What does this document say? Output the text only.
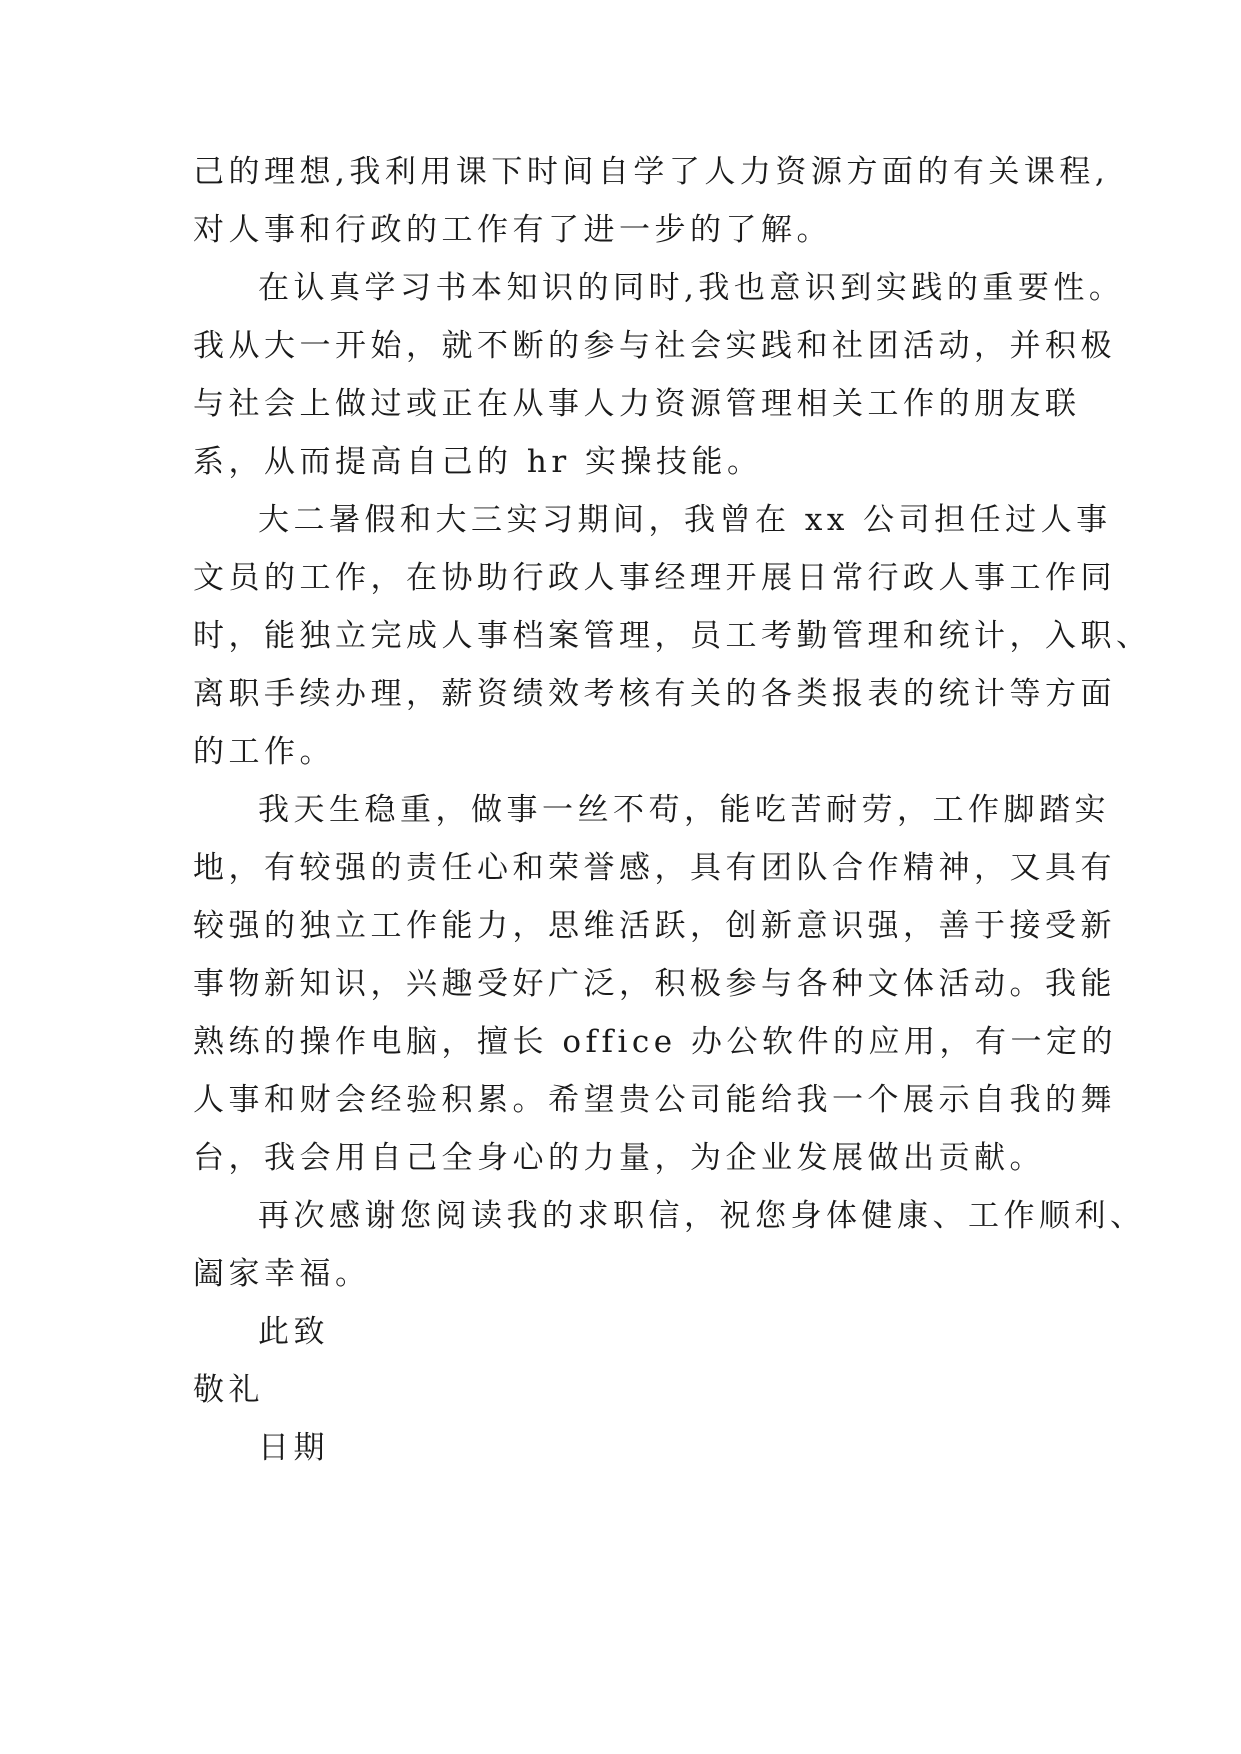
己的理想,我利用课下时间自学了人力资源方面的有关课程,
对人事和行政的工作有了进一步的了解。
在认真学习书本知识的同时,我也意识到实践的重要性。
我从大一开始，就不断的参与社会实践和社团活动，并积极
与社会上做过或正在从事人力资源管理相关工作的朋友联
系，从而提高自己的 hr 实操技能。
大二暑假和大三实习期间，我曾在 xx 公司担任过人事
文员的工作，在协助行政人事经理开展日常行政人事工作同
时，能独立完成人事档案管理，员工考勤管理和统计，入职、
离职手续办理，薪资绩效考核有关的各类报表的统计等方面
的工作。
我天生稳重，做事一丝不苟，能吃苦耐劳，工作脚踏实
地，有较强的责任心和荣誉感，具有团队合作精神，又具有
较强的独立工作能力，思维活跃，创新意识强，善于接受新
事物新知识，兴趣受好广泛，积极参与各种文体活动。我能
熟练的操作电脑，擅长 office 办公软件的应用，有一定的
人事和财会经验积累。希望贵公司能给我一个展示自我的舞
台，我会用自己全身心的力量，为企业发展做出贡献。
再次感谢您阅读我的求职信，祝您身体健康、工作顺利、
阖家幸福。
此致
敬礼
日期
